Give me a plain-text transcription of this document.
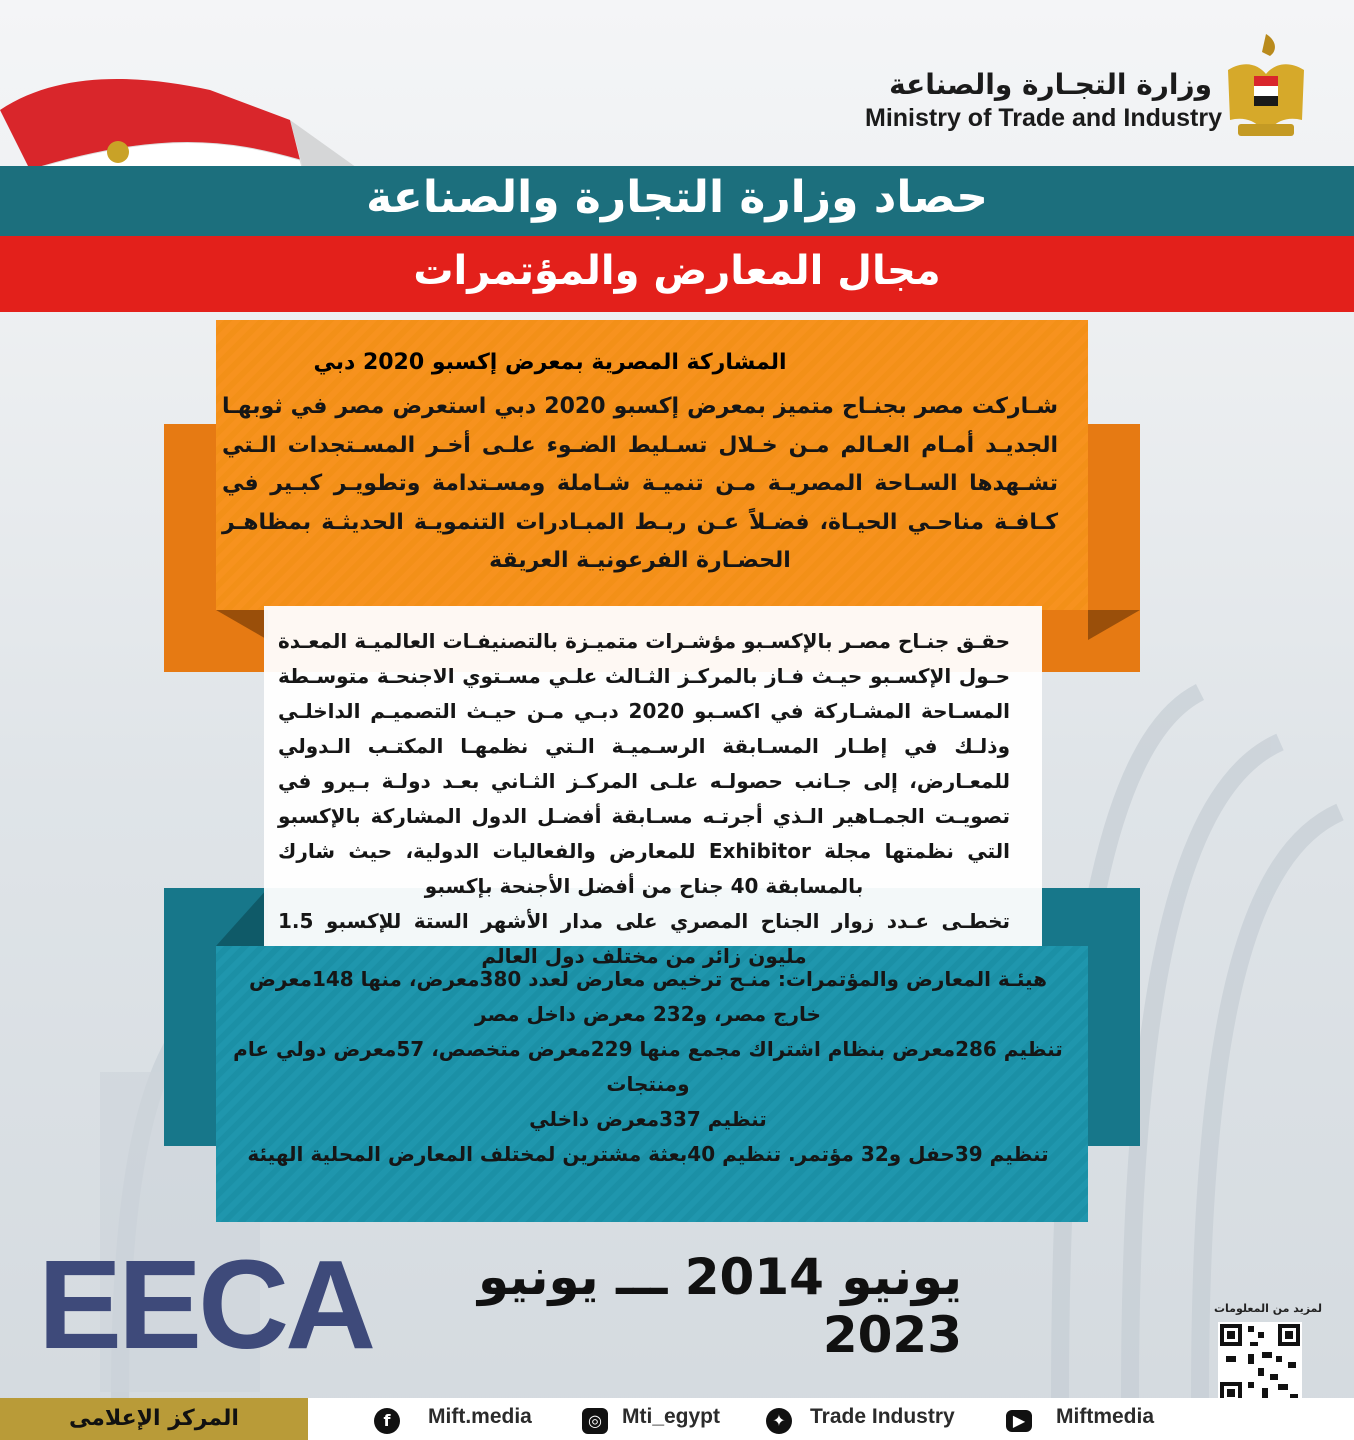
وزارة التجـارة والصناعة
Ministry of Trade and Industry
حصاد وزارة التجارة والصناعة
مجال المعارض والمؤتمرات
المشاركة المصرية بمعرض إكسبو 2020 دبي
شـاركت مصر بجنـاح متميز بمعرض إكسبو 2020 دبي استعرض مصر في ثوبهـا الجديـد أمـام العـالم مـن خـلال تسـليط الضـوء علـى أخـر المسـتجدات الـتي تشـهدها السـاحة المصريـة مـن تنميـة شـاملة ومسـتدامة وتطويـر كبـير في كـافـة مناحـي الحيـاة، فضـلاً عـن ربـط المبـادرات التنمويـة الحديثـة بمظاهـر الحضـارة الفرعونيـة العريقة
حقـق جنـاح مصـر بالإكسـبو مؤشـرات متميـزة بالتصنيفـات العالميـة المعـدة حـول الإكسـبو حيـث فـاز بالمركـز الثـالث علـي مسـتوي الاجنحـة متوسـطة المسـاحة المشـاركة في اكسـبو 2020 دبـي مـن حيـث التصميـم الداخلـي وذلـك في إطـار المسـابقة الرسـميـة الـتي نظمهـا المكتـب الـدولي للمعـارض، إلى جـانب حصولـه علـى المركـز الثـاني بعـد دولـة بـيرو في تصويـت الجمـاهير الـذي أجرتـه مسـابقة أفضـل الدول المشاركة بالإكسبو التي نظمتها مجلة Exhibitor للمعارض والفعاليات الدولية، حيث شارك بالمسابقة 40 جناح من أفضل الأجنحة بإكسبو
تخطـى عـدد زوار الجناح المصري على مدار الأشهر الستة للإكسبو 1.5 مليون زائر من مختلف دول العالم
هيئـة المعارض والمؤتمرات: منـح ترخيص معارض لعدد 380معرض، منها 148معرض خارج مصر، و232 معرض داخل مصر
تنظيم 286معرض بنظام اشتراك مجمع منها 229معرض متخصص، 57معرض دولي عام ومنتجات
تنظيم 337معرض داخلي
تنظيم 39حفل و32 مؤتمر. تنظيم 40بعثة مشترين لمختلف المعارض المحلية الهيئة
EECA	يونيو 2014 ـــ يونيو 2023	لمزيد من المعلومات
المركز الإعلامى	f	Mift.media	◎ Mti_egypt	✦ Trade Industry	▶	Miftmedia
